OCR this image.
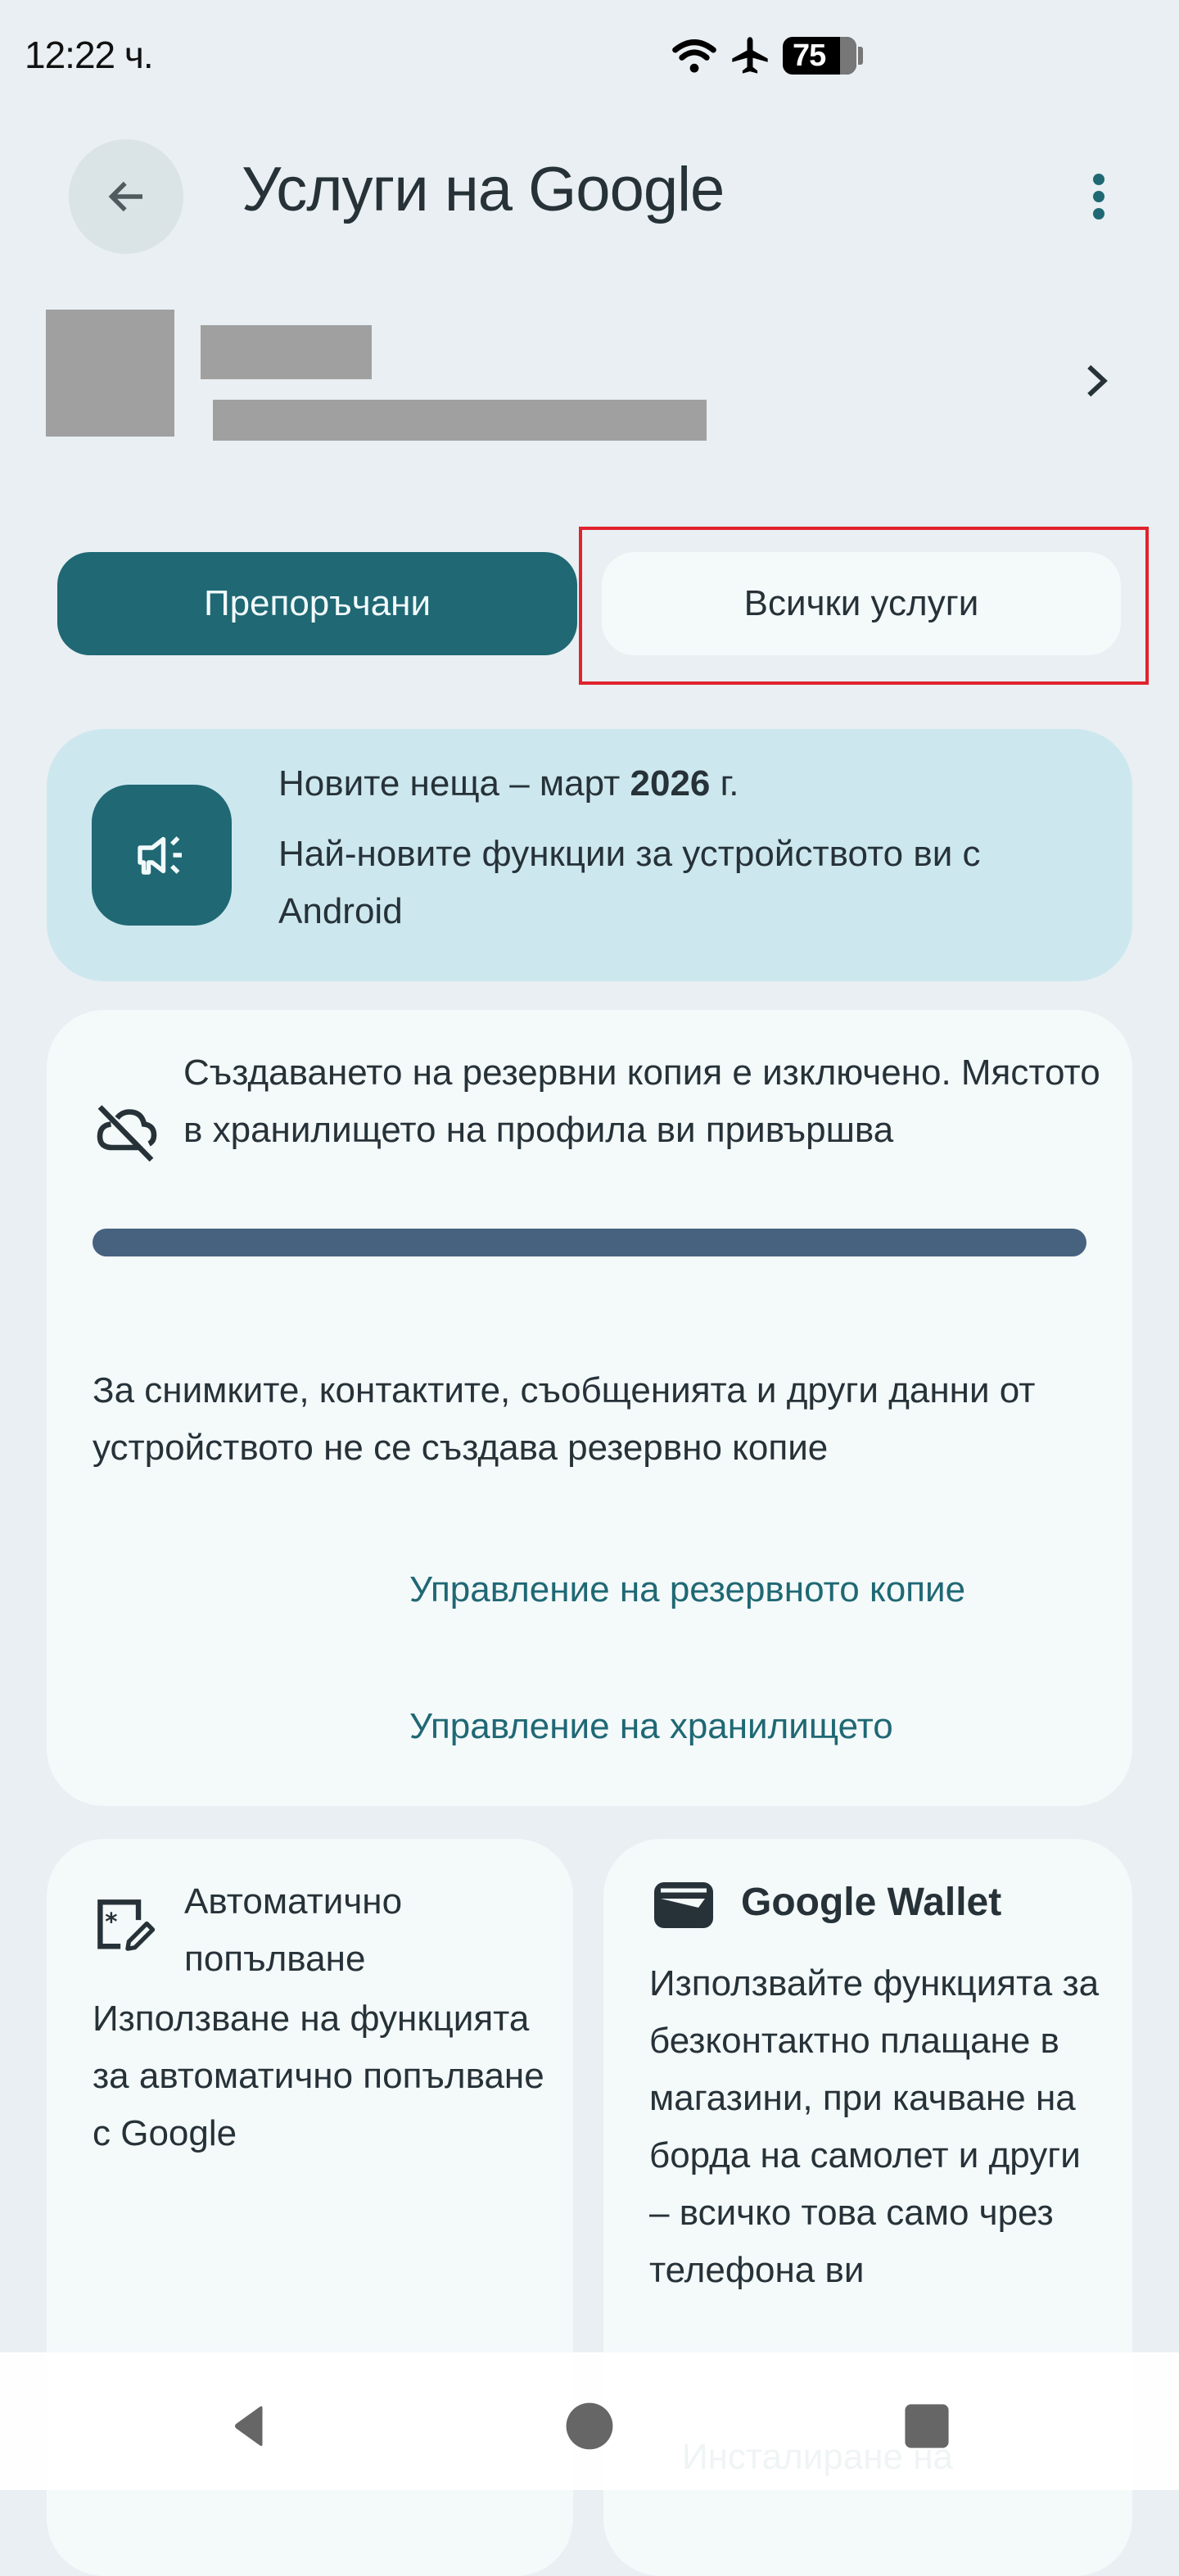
12:22 ч.	75
Услуги на Google
Препоръчани	Всички услуги
Новите неща – март 2026 г.
Най-новите функции за устройството ви с Android
Създаването на резервни копия е изключено. Мястото в хранилището на профила ви привършва
За снимките, контактите, съобщенията и други данни от устройството не се създава резервно копие
Управление на резервното копие
Управление на хранилището
* Автоматично попълване
Използване на функцията за автоматично попълване с Google
Google Wallet
Използвайте функцията за безконтактно плащане в магазини, при качване на борда на самолет и други – всичко това само чрез телефона ви
